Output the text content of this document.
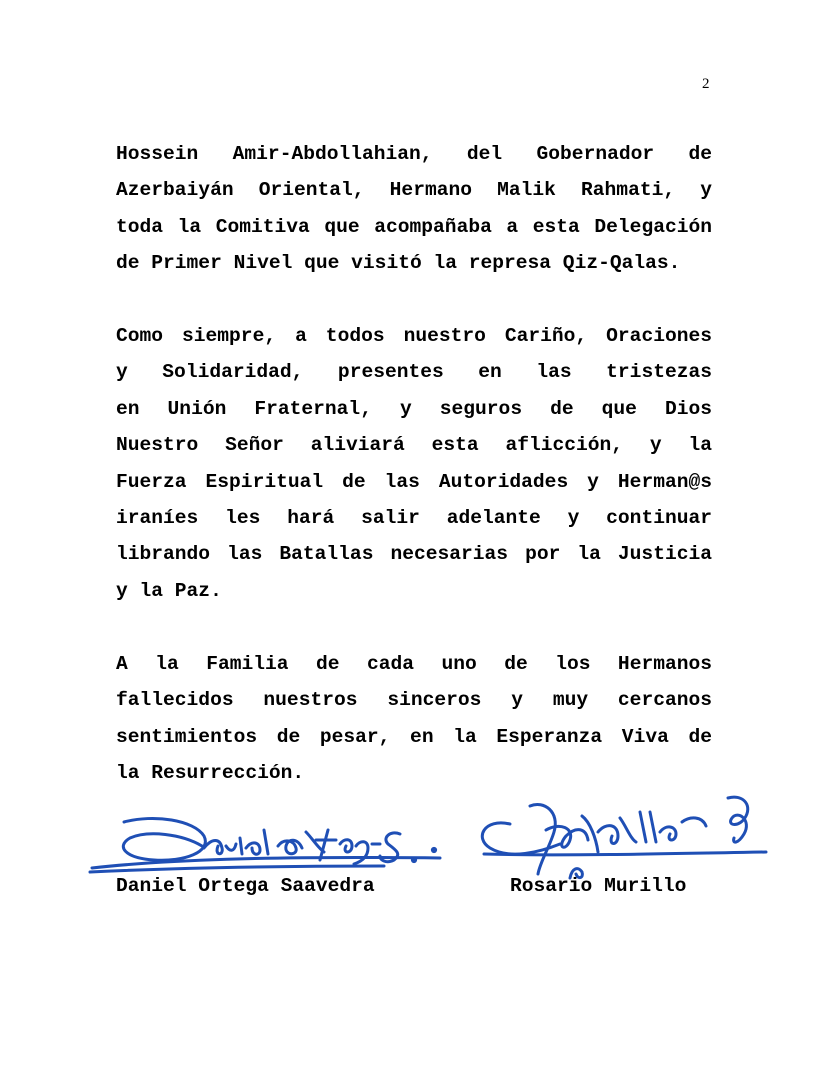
2
Hossein Amir-Abdollahian, del Gobernador de
Azerbaiyán Oriental, Hermano Malik Rahmati, y
toda la Comitiva que acompañaba a esta Delegación
de Primer Nivel que visitó la represa Qiz-Qalas.
Como siempre, a todos nuestro Cariño, Oraciones
y Solidaridad, presentes en las tristezas
en Unión Fraternal, y seguros de que Dios
Nuestro Señor aliviará esta aflicción, y la
Fuerza Espiritual de las Autoridades y Herman@s
iraníes les hará salir adelante y continuar
librando las Batallas necesarias por la Justicia
y la Paz.
A la Familia de cada uno de los Hermanos
fallecidos nuestros sinceros y muy cercanos
sentimientos de pesar, en la Esperanza Viva de
la Resurrección.
Daniel Ortega Saavedra	Rosario Murillo
